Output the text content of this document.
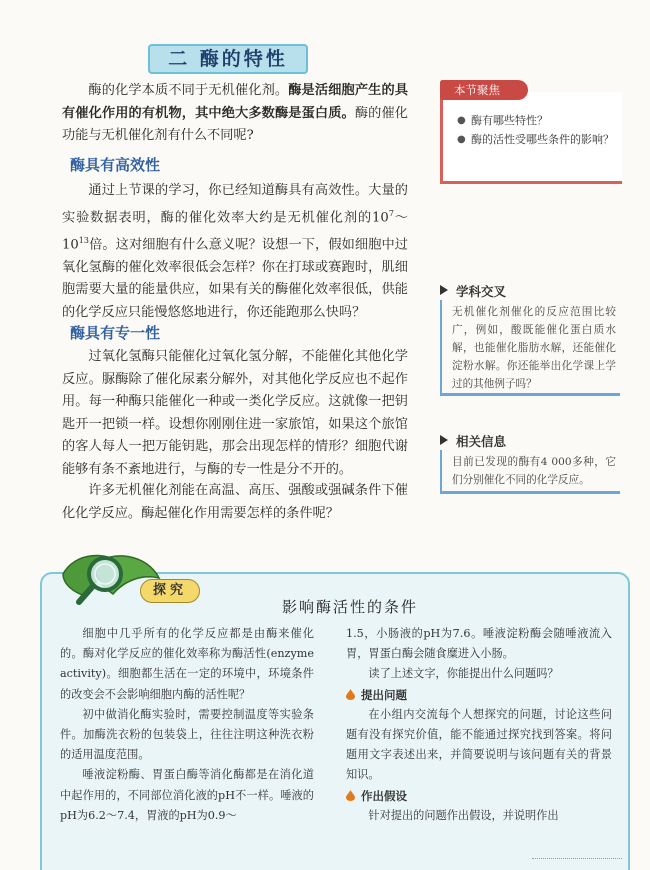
二 酶的特性
酶的化学本质不同于无机催化剂。酶是活细胞产生的具有催化作用的有机物，其中绝大多数酶是蛋白质。酶的催化功能与无机催化剂有什么不同呢?
酶具有高效性
通过上节课的学习，你已经知道酶具有高效性。大量的实验数据表明，酶的催化效率大约是无机催化剂的$10^7\sim 10^{13}$倍。这对细胞有什么意义呢？设想一下，假如细胞中过氧化氢酶的催化效率很低会怎样？你在打球或赛跑时，肌细胞需要大量的能量供应，如果有关的酶催化效率很低，供能的化学反应只能慢悠悠地进行，你还能跑那么快吗？
酶具有专一性
过氧化氢酶只能催化过氧化氢分解，不能催化其他化学反应。脲酶除了催化尿素分解外，对其他化学反应也不起作用。每一种酶只能催化一种或一类化学反应。这就像一把钥匙开一把锁一样。设想你刚刚住进一家旅馆，如果这个旅馆的客人每人一把万能钥匙，那会出现怎样的情形？细胞代谢能够有条不紊地进行，与酶的专一性是分不开的。
许多无机催化剂能在高温、高压、强酸或强碱条件下催化化学反应。酶起催化作用需要怎样的条件呢？
本节聚焦
● 酶有哪些特性？
● 酶的活性受哪些条件的影响？
学科交叉
无机催化剂催化的反应范围比较广，例如，酸既能催化蛋白质水解，也能催化脂肪水解，还能催化淀粉水解。你还能举出化学课上学过的其他例子吗？
相关信息
目前已发现的酶有4 000多种，它们分别催化不同的化学反应。
探究
影响酶活性的条件

细胞中几乎所有的化学反应都是由酶来催化的。酶对化学反应的催化效率称为酶活性(enzyme activity)。细胞都生活在一定的环境中，环境条件的改变会不会影响细胞内酶的活性呢？

初中做消化酶实验时，需要控制温度等实验条件。加酶洗衣粉的包装袋上，往往注明这种洗衣粉的适用温度范围。

唾液淀粉酶、胃蛋白酶等消化酶都是在消化道中起作用的，不同部位消化液的pH不一样。唾液的pH为6.2～7.4，胃液的pH为0.9～

1.5，小肠液的pH为7.6。唾液淀粉酶会随唾液流入胃，胃蛋白酶会随食糜进入小肠。

读了上述文字，你能提出什么问题吗？

提出问题

在小组内交流每个人想探究的问题，讨论这些问题有没有探究价值，能不能通过探究找到答案。将问题用文字表述出来，并简要说明与该问题有关的背景知识。

作出假设

针对提出的问题作出假设，并说明作出
